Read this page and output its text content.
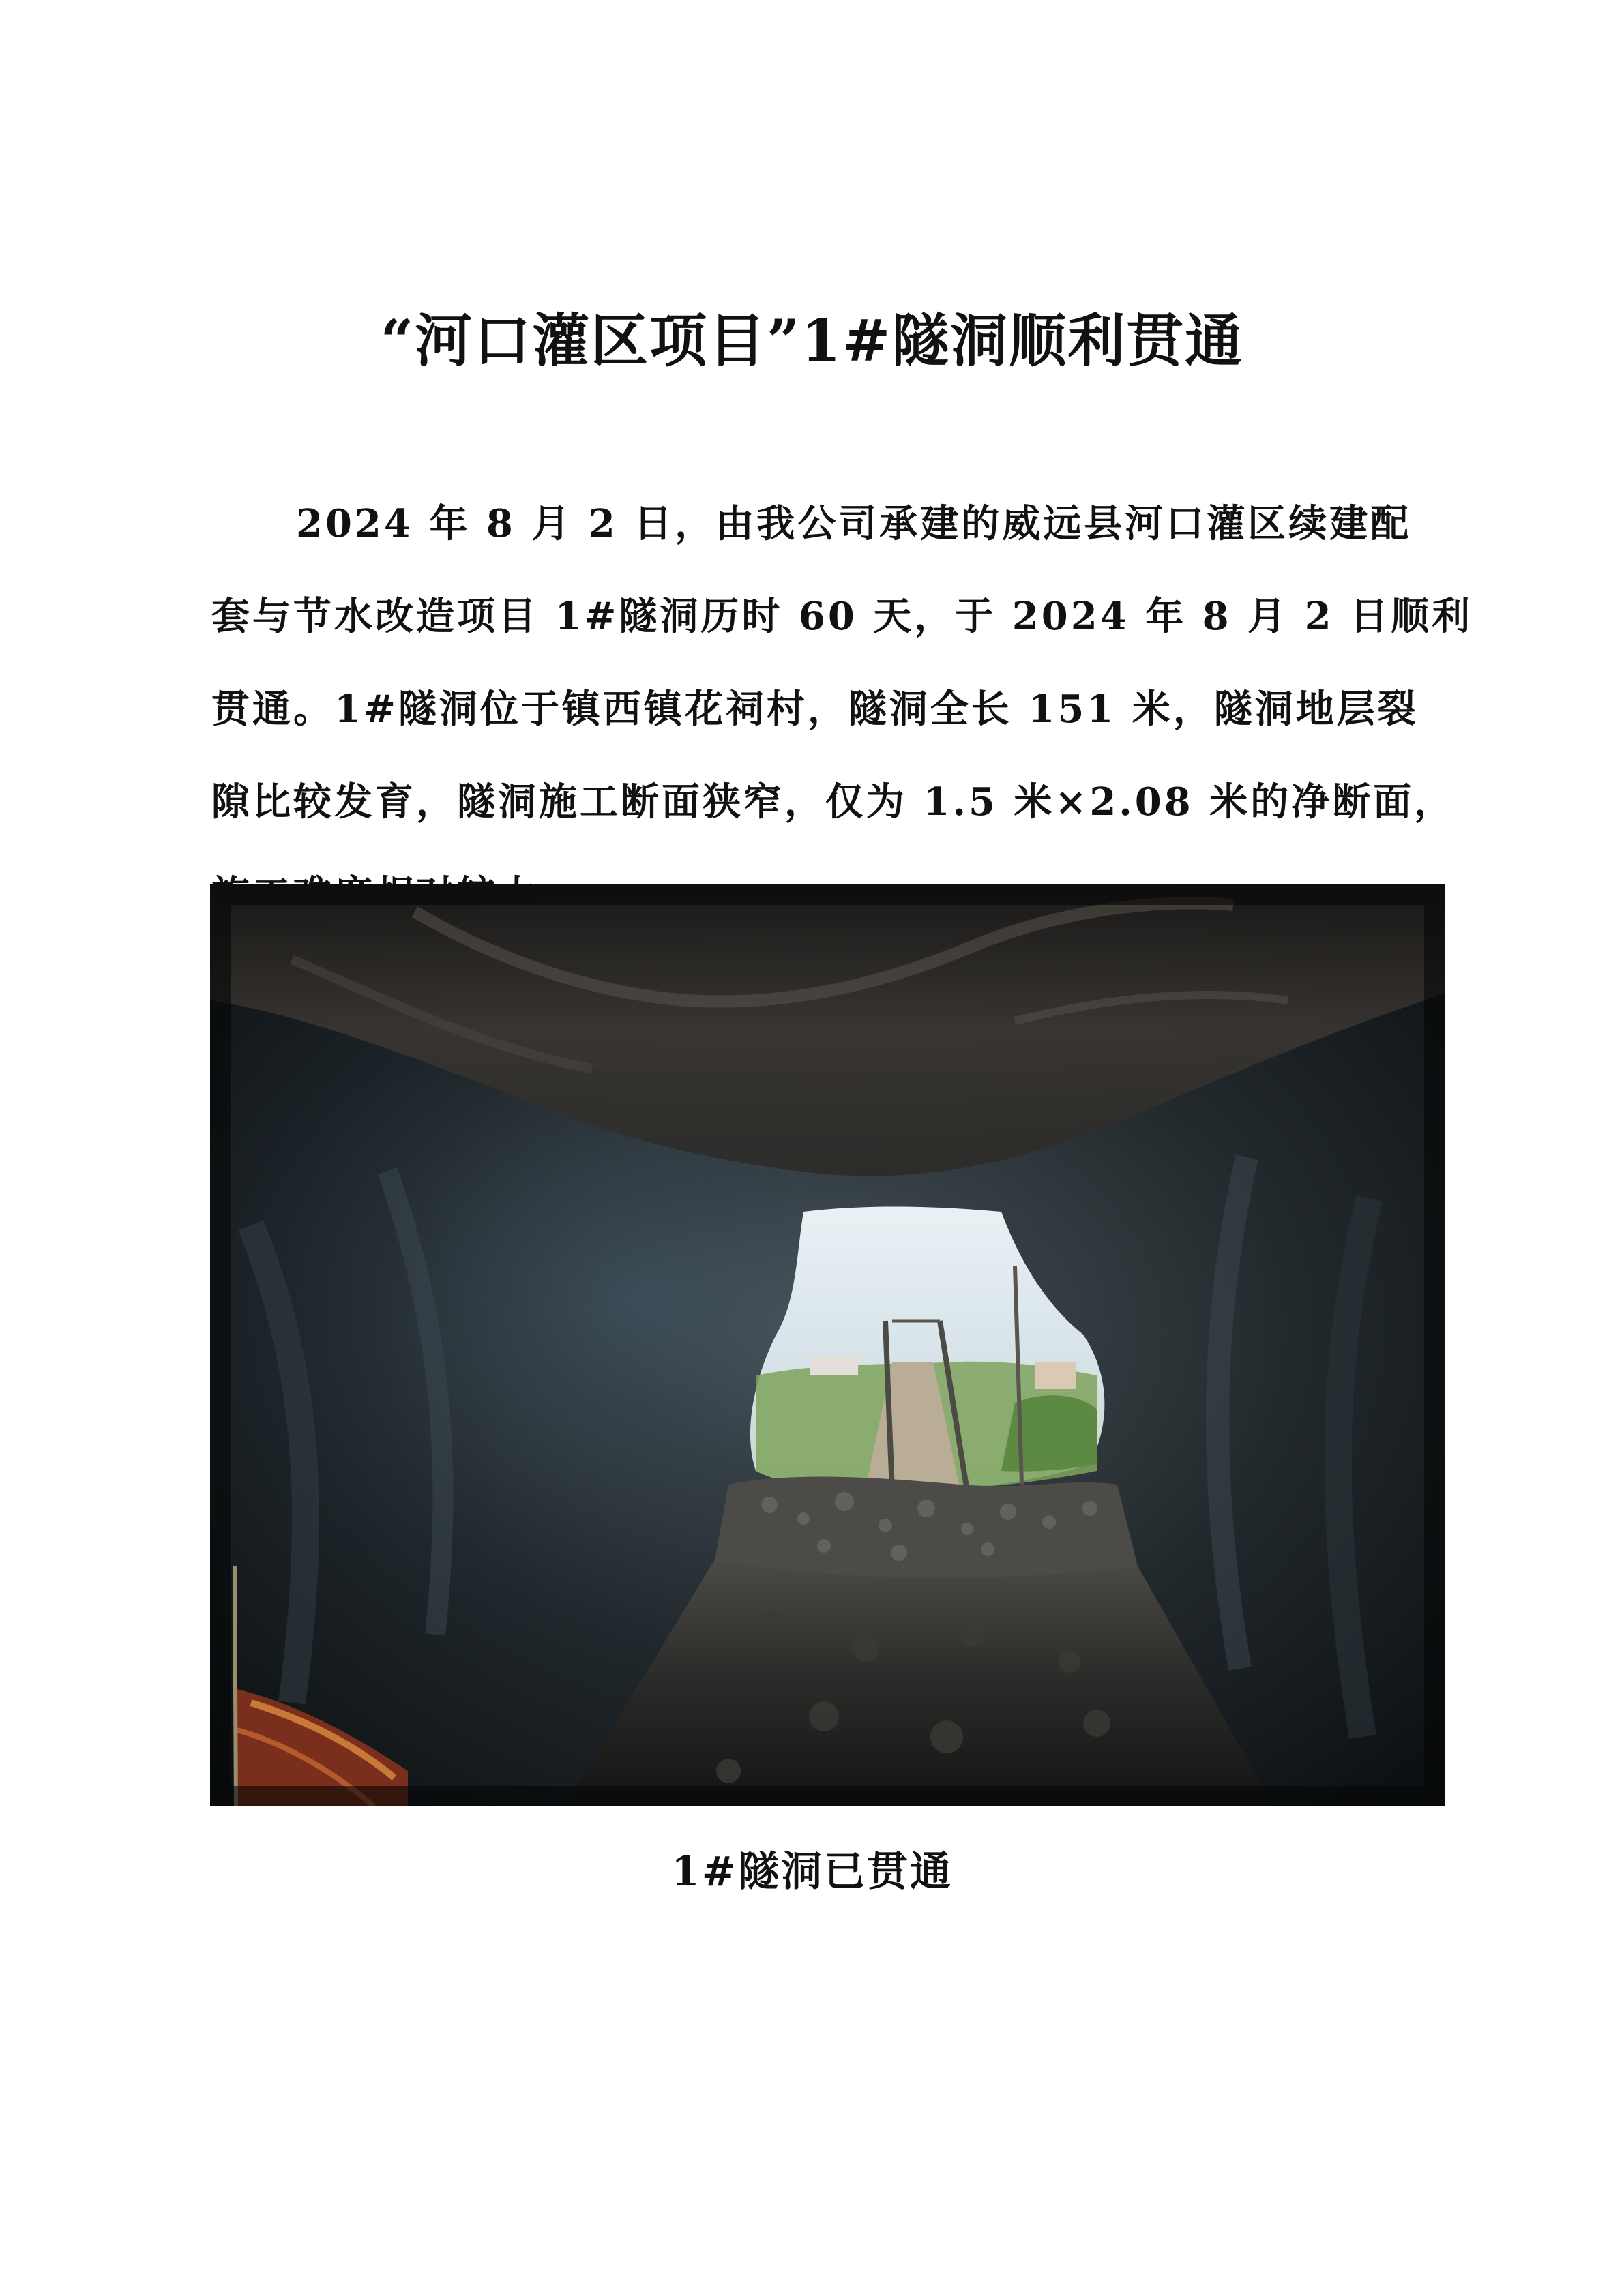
“河口灌区项目”1#隧洞顺利贯通
2024 年 8 月 2 日，由我公司承建的威远县河口灌区续建配
套与节水改造项目 1#隧洞历时 60 天，于 2024 年 8 月 2 日顺利
贯通。1#隧洞位于镇西镇花祠村，隧洞全长 151 米，隧洞地层裂
隙比较发育，隧洞施工断面狭窄，仅为 1.5 米×2.08 米的净断面，
1#隧洞已贯通
